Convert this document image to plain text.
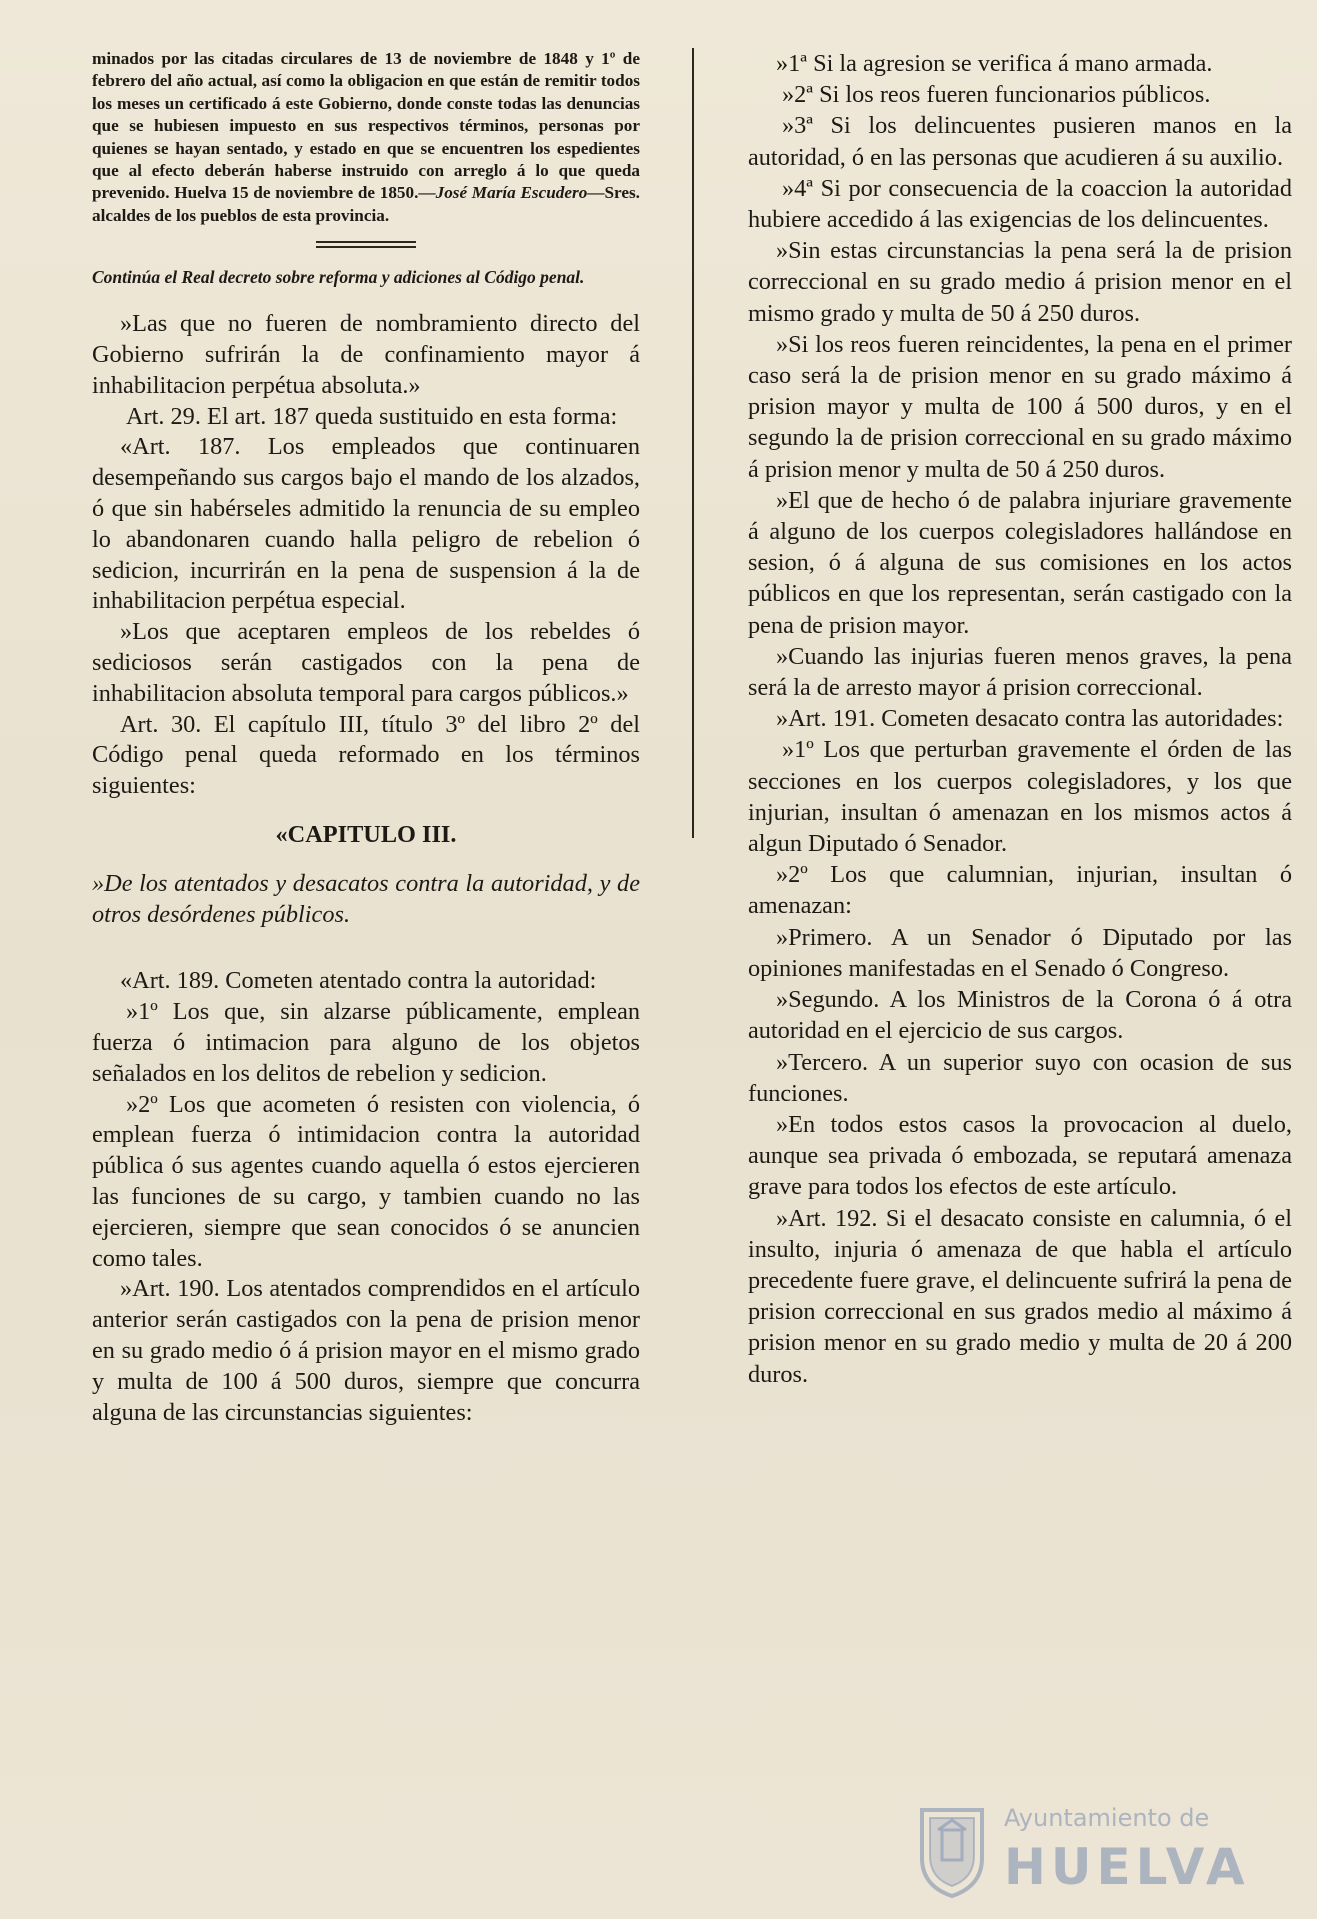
minados por las citadas circulares de 13 de noviembre de 1848 y 1º de febrero del año actual, así como la obligacion en que están de remitir todos los meses un certificado á este Gobierno, donde conste todas las denuncias que se hubiesen impuesto en sus respectivos términos, personas por quienes se hayan sentado, y estado en que se encuentren los espedientes que al efecto deberán haberse instruido con arreglo á lo que queda prevenido. Huelva 15 de noviembre de 1850.—José María Escudero—Sres. alcaldes de los pueblos de esta provincia.

Continúa el Real decreto sobre reforma y adiciones al Código penal.

»Las que no fueren de nombramiento directo del Gobierno sufrirán la de confinamiento mayor á inhabilitacion perpétua absoluta.»

Art. 29. El art. 187 queda sustituido en esta forma:

«Art. 187. Los empleados que continuaren desempeñando sus cargos bajo el mando de los alzados, ó que sin habérseles admitido la renuncia de su empleo lo abandonaren cuando halla peligro de rebelion ó sedicion, incurrirán en la pena de suspension á la de inhabilitacion perpétua especial.

»Los que aceptaren empleos de los rebeldes ó sediciosos serán castigados con la pena de inhabilitacion absoluta temporal para cargos públicos.»

Art. 30. El capítulo III, título 3º del libro 2º del Código penal queda reformado en los términos siguientes:

«CAPITULO III.

»De los atentados y desacatos contra la autoridad, y de otros desórdenes públicos.

«Art. 189. Cometen atentado contra la autoridad:

»1º Los que, sin alzarse públicamente, emplean fuerza ó intimacion para alguno de los objetos señalados en los delitos de rebelion y sedicion.

»2º Los que acometen ó resisten con violencia, ó emplean fuerza ó intimidacion contra la autoridad pública ó sus agentes cuando aquella ó estos ejercieren las funciones de su cargo, y tambien cuando no las ejercieren, siempre que sean conocidos ó se anuncien como tales.

»Art. 190. Los atentados comprendidos en el artículo anterior serán castigados con la pena de prision menor en su grado medio ó á prision mayor en el mismo grado y multa de 100 á 500 duros, siempre que concurra alguna de las circunstancias siguientes:

»1ª Si la agresion se verifica á mano armada.

»2ª Si los reos fueren funcionarios públicos.

»3ª Si los delincuentes pusieren manos en la autoridad, ó en las personas que acudieren á su auxilio.

»4ª Si por consecuencia de la coaccion la autoridad hubiere accedido á las exigencias de los delincuentes.

»Sin estas circunstancias la pena será la de prision correccional en su grado medio á prision menor en el mismo grado y multa de 50 á 250 duros.

»Si los reos fueren reincidentes, la pena en el primer caso será la de prision menor en su grado máximo á prision mayor y multa de 100 á 500 duros, y en el segundo la de prision correccional en su grado máximo á prision menor y multa de 50 á 250 duros.

»El que de hecho ó de palabra injuriare gravemente á alguno de los cuerpos colegisladores hallándose en sesion, ó á alguna de sus comisiones en los actos públicos en que los representan, serán castigado con la pena de prision mayor.

»Cuando las injurias fueren menos graves, la pena será la de arresto mayor á prision correccional.

»Art. 191. Cometen desacato contra las autoridades:

»1º Los que perturban gravemente el órden de las secciones en los cuerpos colegisladores, y los que injurian, insultan ó amenazan en los mismos actos á algun Diputado ó Senador.

»2º Los que calumnian, injurian, insultan ó amenazan:

»Primero. A un Senador ó Diputado por las opiniones manifestadas en el Senado ó Congreso.

»Segundo. A los Ministros de la Corona ó á otra autoridad en el ejercicio de sus cargos.

»Tercero. A un superior suyo con ocasion de sus funciones.

»En todos estos casos la provocacion al duelo, aunque sea privada ó embozada, se reputará amenaza grave para todos los efectos de este artículo.

»Art. 192. Si el desacato consiste en calumnia, ó el insulto, injuria ó amenaza de que habla el artículo precedente fuere grave, el delincuente sufrirá la pena de prision correccional en sus grados medio al máximo á prision menor en su grado medio y multa de 20 á 200 duros.

Ayuntamiento de
HUELVA
